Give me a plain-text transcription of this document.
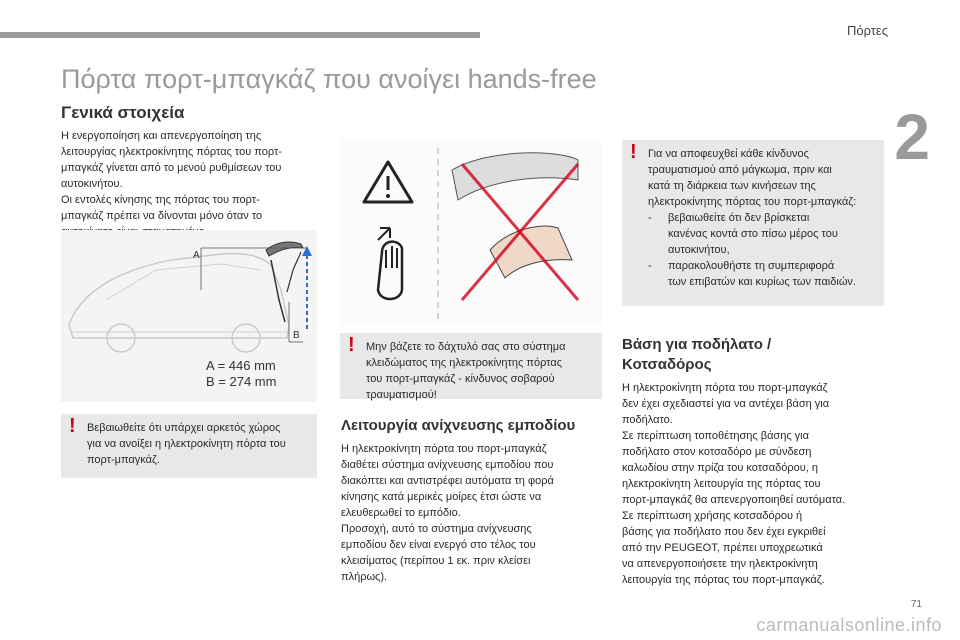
Πόρτες
2
Πόρτα πορτ-μπαγκάζ που ανοίγει hands-free
Γενικά στοιχεία
Η ενεργοποίηση και απενεργοποίηση της
λειτουργίας ηλεκτροκίνητης πόρτας του πορτ-
μπαγκάζ γίνεται από το μενού ρυθμίσεων του
αυτοκινήτου.
Οι εντολές κίνησης της πόρτας του πορτ-
μπαγκάζ πρέπει να δίνονται μόνο όταν το
A
B
A = 446 mm
B = 274 mm
! Βεβαιωθείτε ότι υπάρχει αρκετός χώρος
για να ανοίξει η ηλεκτροκίνητη πόρτα του
πορτ-μπαγκάζ.
! Μην βάζετε το δάχτυλό σας στο σύστημα
κλειδώματος της ηλεκτροκίνητης πόρτας
του πορτ-μπαγκάζ - κίνδυνος σοβαρού
τραυματισμού!
Λειτουργία ανίχνευσης εμποδίου
Η ηλεκτροκίνητη πόρτα του πορτ-μπαγκάζ
διαθέτει σύστημα ανίχνευσης εμποδίου που
διακόπτει και αντιστρέφει αυτόματα τη φορά
κίνησης κατά μερικές μοίρες έτσι ώστε να
ελευθερωθεί το εμπόδιο.
Προσοχή, αυτό το σύστημα ανίχνευσης
εμποδίου δεν είναι ενεργό στο τέλος του
κλεισίματος (περίπου 1 εκ. πριν κλείσει
πλήρως).
! Για να αποφευχθεί κάθε κίνδυνος
τραυματισμού από μάγκωμα, πριν και
κατά τη διάρκεια των κινήσεων της
ηλεκτροκίνητης πόρτας του πορτ-μπαγκάζ:
-	βεβαιωθείτε ότι δεν βρίσκεται
κανένας κοντά στο πίσω μέρος του
αυτοκινήτου,
-	παρακολουθήστε τη συμπεριφορά
των επιβατών και κυρίως των παιδιών.
Βάση για ποδήλατο /
Κοτσαδόρος
Η ηλεκτροκίνητη πόρτα του πορτ-μπαγκάζ
δεν έχει σχεδιαστεί για να αντέχει βάση για
ποδήλατο.
Σε περίπτωση τοποθέτησης βάσης για
ποδήλατο στον κοτσαδόρο με σύνδεση
καλωδίου στην πρίζα του κοτσαδόρου, η
ηλεκτροκίνητη λειτουργία της πόρτας του
πορτ-μπαγκάζ θα απενεργοποιηθεί αυτόματα.
Σε περίπτωση χρήσης κοτσαδόρου ή
βάσης για ποδήλατο που δεν έχει εγκριθεί
από την PEUGEOT, πρέπει υποχρεωτικά
να απενεργοποιήσετε την ηλεκτροκίνητη
λειτουργία της πόρτας του πορτ-μπαγκάζ.
71
carmanualsonline.info
